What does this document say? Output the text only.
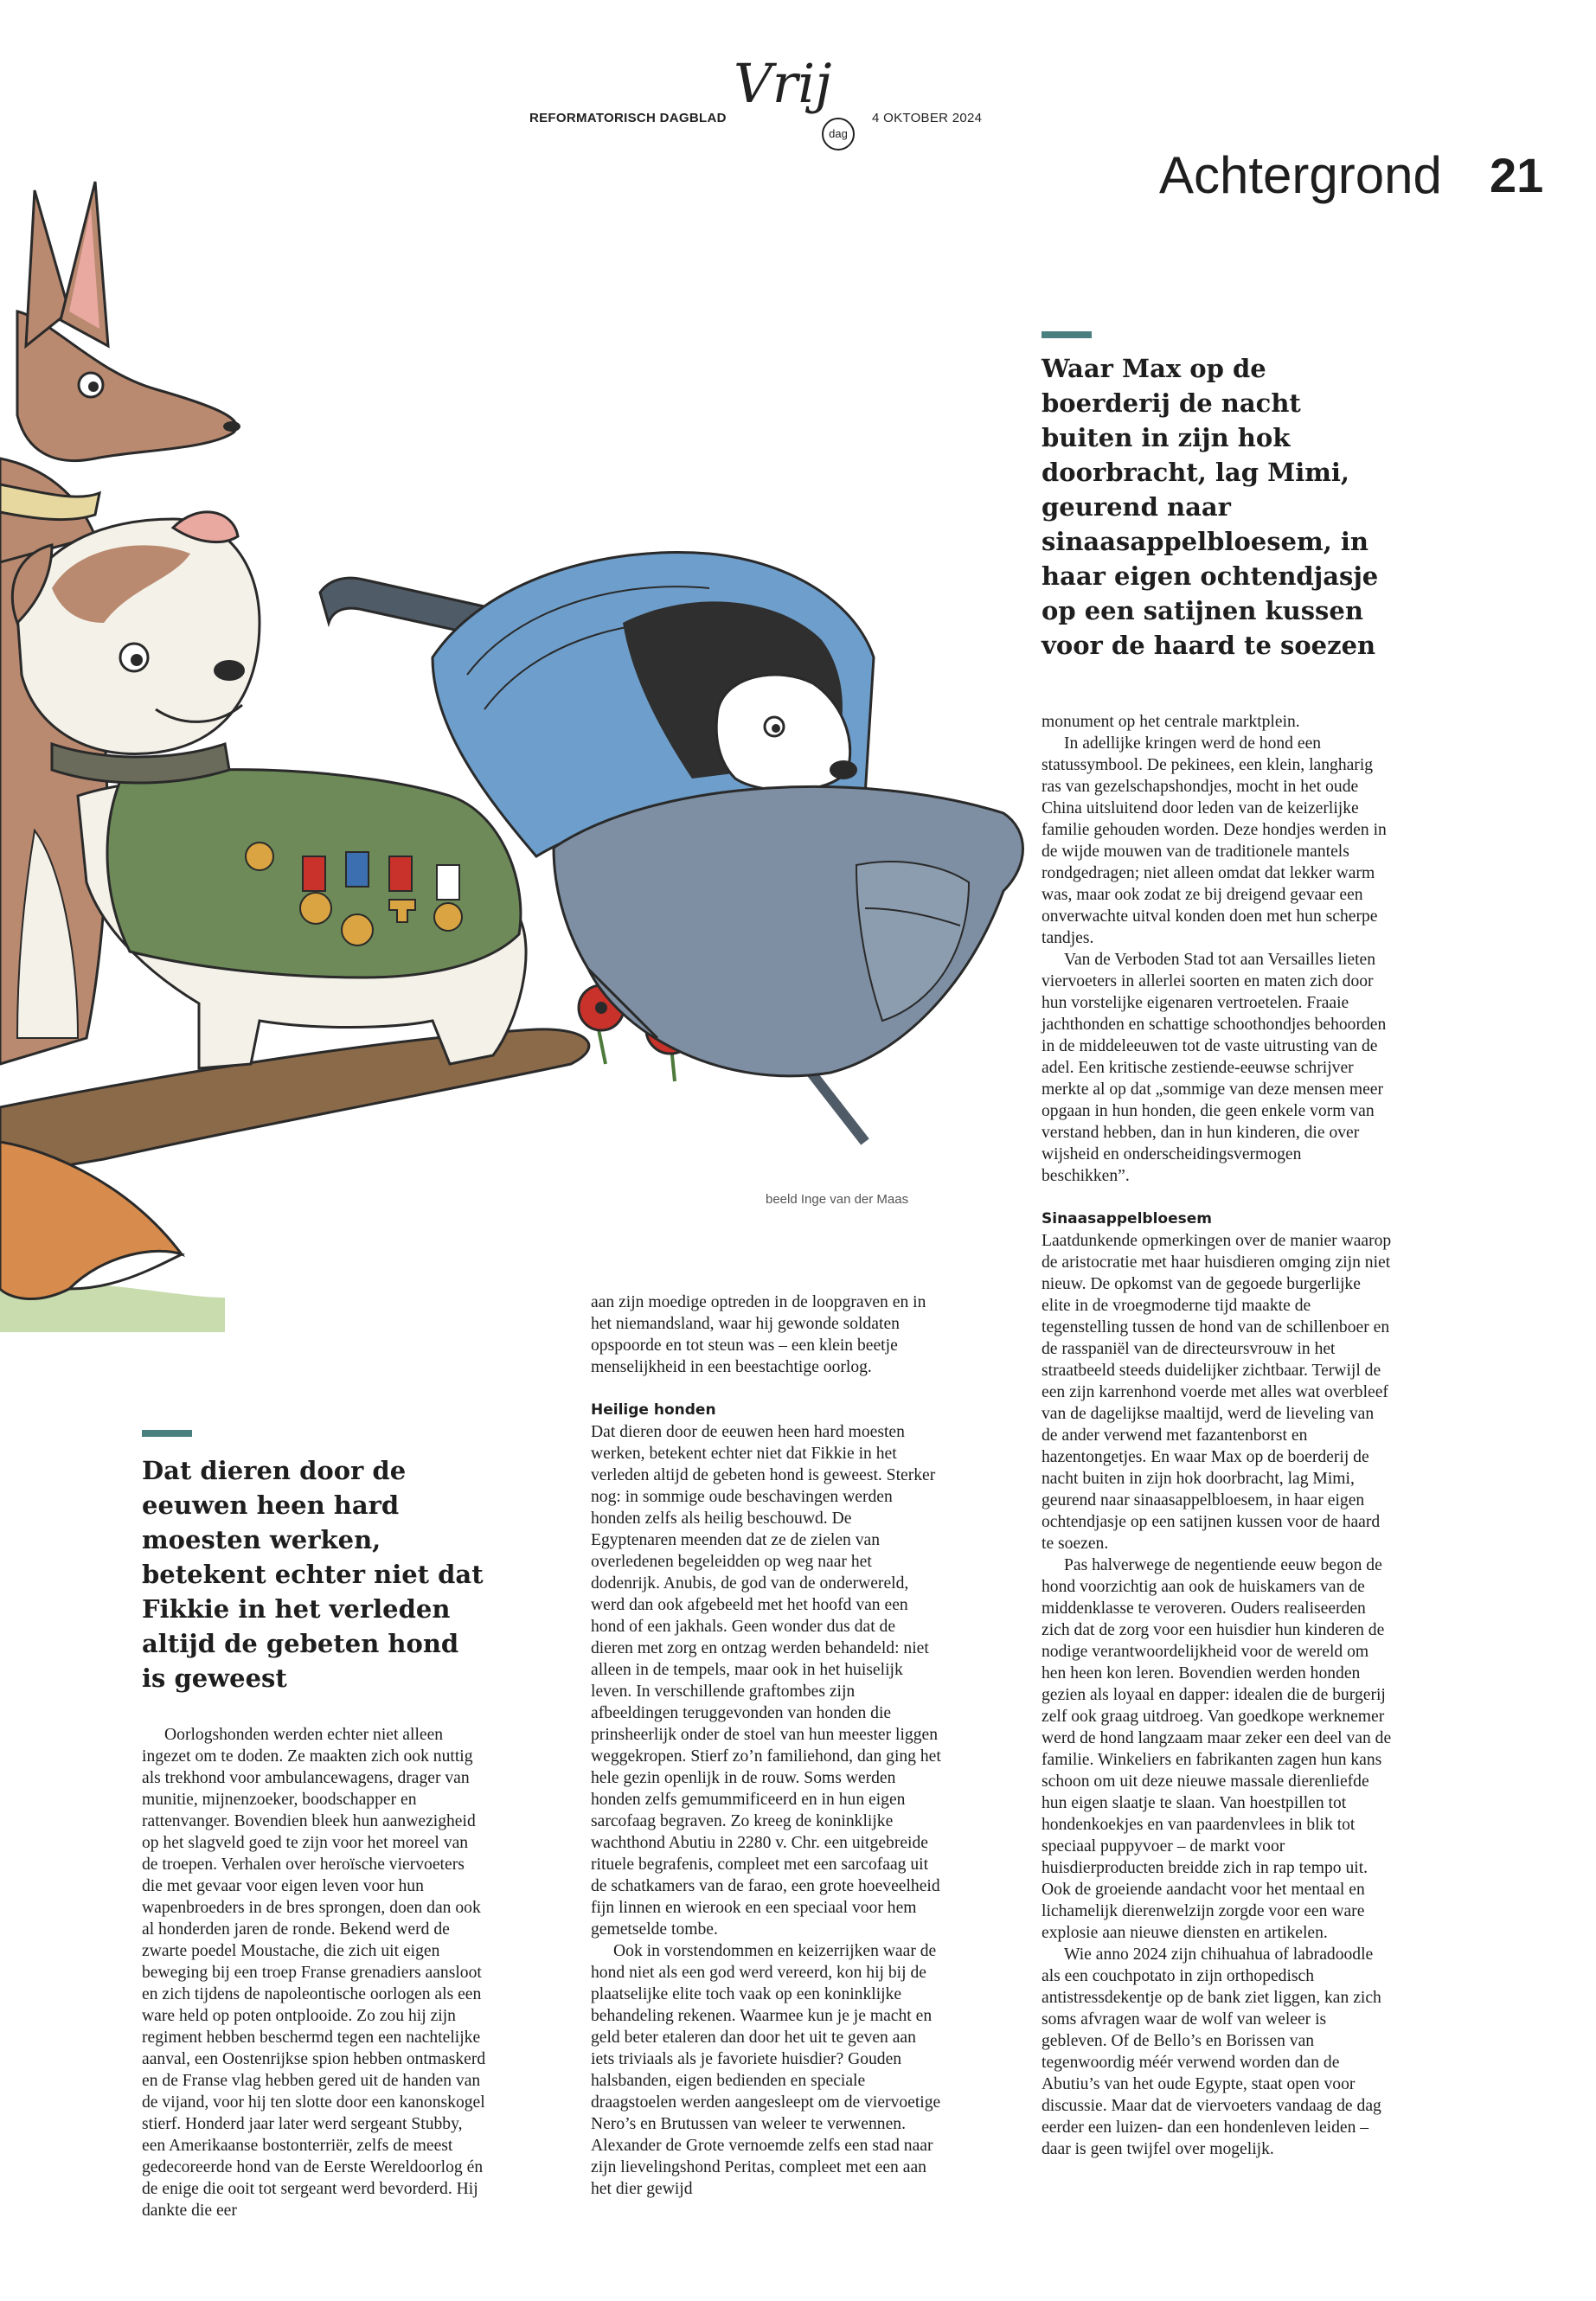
REFORMATORISCH DAGBLAD
Vrij
dag
4 OKTOBER 2024
Achtergrond 21
beeld Inge van der Maas
Waar Max op de boerderij de nacht buiten in zijn hok doorbracht, lag Mimi, geurend naar sinaasappelbloesem, in haar eigen ochtendjasje op een satijnen kussen voor de haard te soezen
Dat dieren door de eeuwen heen hard moesten werken, betekent echter niet dat Fikkie in het verleden altijd de gebeten hond is geweest

Oorlogshonden werden echter niet alleen ingezet om te doden. Ze maakten zich ook nuttig als trekhond voor ambulancewagens, drager van munitie, mijnenzoeker, boodschapper en rattenvanger. Bovendien bleek hun aanwezigheid op het slagveld goed te zijn voor het moreel van de troepen. Verhalen over heroïsche viervoeters die met gevaar voor eigen leven voor hun wapenbroeders in de bres sprongen, doen dan ook al honderden jaren de ronde. Bekend werd de zwarte poedel Moustache, die zich uit eigen beweging bij een troep Franse grenadiers aansloot en zich tijdens de napoleontische oorlogen als een ware held op poten ontplooide. Zo zou hij zijn regiment hebben beschermd tegen een nachtelijke aanval, een Oostenrijkse spion hebben ontmaskerd en de Franse vlag hebben gered uit de handen van de vijand, voor hij ten slotte door een kanonskogel stierf. Honderd jaar later werd sergeant Stubby, een Amerikaanse bostonterriër, zelfs de meest gedecoreerde hond van de Eerste Wereldoorlog én de enige die ooit tot sergeant werd bevorderd. Hij dankte die eer

aan zijn moedige optreden in de loopgraven en in het niemandsland, waar hij gewonde soldaten opspoorde en tot steun was – een klein beetje menselijkheid in een beestachtige oorlog.

Heilige honden

Dat dieren door de eeuwen heen hard moesten werken, betekent echter niet dat Fikkie in het verleden altijd de gebeten hond is geweest. Sterker nog: in sommige oude beschavingen werden honden zelfs als heilig beschouwd. De Egyptenaren meenden dat ze de zielen van overledenen begeleidden op weg naar het dodenrijk. Anubis, de god van de onderwereld, werd dan ook afgebeeld met het hoofd van een hond of een jakhals. Geen wonder dus dat de dieren met zorg en ontzag werden behandeld: niet alleen in de tempels, maar ook in het huiselijk leven. In verschillende graftombes zijn afbeeldingen teruggevonden van honden die prinsheerlijk onder de stoel van hun meester liggen weggekropen. Stierf zo’n familiehond, dan ging het hele gezin openlijk in de rouw. Soms werden honden zelfs gemummificeerd en in hun eigen sarcofaag begraven. Zo kreeg de koninklijke wachthond Abutiu in 2280 v. Chr. een uitgebreide rituele begrafenis, compleet met een sarcofaag uit de schatkamers van de farao, een grote hoeveelheid fijn linnen en wierook en een speciaal voor hem gemetselde tombe.

Ook in vorstendommen en keizerrijken waar de hond niet als een god werd vereerd, kon hij bij de plaatselijke elite toch vaak op een koninklijke behandeling rekenen. Waarmee kun je je macht en geld beter etaleren dan door het uit te geven aan iets triviaals als je favoriete huisdier? Gouden halsbanden, eigen bedienden en speciale draagstoelen werden aangesleept om de viervoetige Nero’s en Brutussen van weleer te verwennen. Alexander de Grote vernoemde zelfs een stad naar zijn lievelingshond Peritas, compleet met een aan het dier gewijd

monument op het centrale marktplein.

In adellijke kringen werd de hond een statussymbool. De pekinees, een klein, langharig ras van gezelschapshondjes, mocht in het oude China uitsluitend door leden van de keizerlijke familie gehouden worden. Deze hondjes werden in de wijde mouwen van de traditionele mantels rondgedragen; niet alleen omdat dat lekker warm was, maar ook zodat ze bij dreigend gevaar een onverwachte uitval konden doen met hun scherpe tandjes.

Van de Verboden Stad tot aan Versailles lieten viervoeters in allerlei soorten en maten zich door hun vorstelijke eigenaren vertroetelen. Fraaie jachthonden en schattige schoothondjes behoorden in de middeleeuwen tot de vaste uitrusting van de adel. Een kritische zestiende-eeuwse schrijver merkte al op dat „sommige van deze mensen meer opgaan in hun honden, die geen enkele vorm van verstand hebben, dan in hun kinderen, die over wijsheid en onderscheidingsvermogen beschikken”.

Sinaasappelbloesem

Laatdunkende opmerkingen over de manier waarop de aristocratie met haar huisdieren omging zijn niet nieuw. De opkomst van de gegoede burgerlijke elite in de vroegmoderne tijd maakte de tegenstelling tussen de hond van de schillenboer en de rasspaniël van de directeursvrouw in het straatbeeld steeds duidelijker zichtbaar. Terwijl de een zijn karrenhond voerde met alles wat overbleef van de dagelijkse maaltijd, werd de lieveling van de ander verwend met fazantenborst en hazentongetjes. En waar Max op de boerderij de nacht buiten in zijn hok doorbracht, lag Mimi, geurend naar sinaasappelbloesem, in haar eigen ochtendjasje op een satijnen kussen voor de haard te soezen.

Pas halverwege de negentiende eeuw begon de hond voorzichtig aan ook de huiskamers van de middenklasse te veroveren. Ouders realiseerden zich dat de zorg voor een huisdier hun kinderen de nodige verantwoordelijkheid voor de wereld om hen heen kon leren. Bovendien werden honden gezien als loyaal en dapper: idealen die de burgerij zelf ook graag uitdroeg. Van goedkope werknemer werd de hond langzaam maar zeker een deel van de familie. Winkeliers en fabrikanten zagen hun kans schoon om uit deze nieuwe massale dierenliefde hun eigen slaatje te slaan. Van hoestpillen tot hondenkoekjes en van paardenvlees in blik tot speciaal puppyvoer – de markt voor huisdierproducten breidde zich in rap tempo uit. Ook de groeiende aandacht voor het mentaal en lichamelijk dierenwelzijn zorgde voor een ware explosie aan nieuwe diensten en artikelen.

Wie anno 2024 zijn chihuahua of labradoodle als een couchpotato in zijn orthopedisch antistressdekentje op de bank ziet liggen, kan zich soms afvragen waar de wolf van weleer is gebleven. Of de Bello’s en Borissen van tegenwoordig méér verwend worden dan de Abutiu’s van het oude Egypte, staat open voor discussie. Maar dat de viervoeters vandaag de dag eerder een luizen- dan een hondenleven leiden – daar is geen twijfel over mogelijk.
